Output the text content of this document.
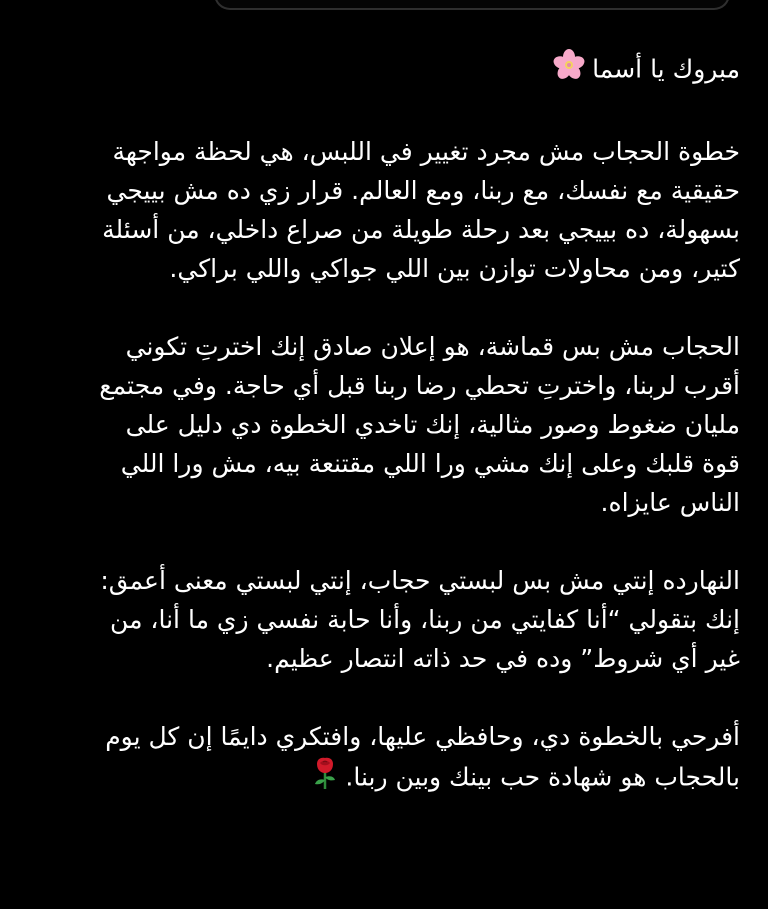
مبروك يا أسما
خطوة الحجاب مش مجرد تغيير في اللبس، هي لحظة مواجهة
حقيقية مع نفسك، مع ربنا، ومع العالم. قرار زي ده مش بييجي
بسهولة، ده بييجي بعد رحلة طويلة من صراع داخلي، من أسئلة
كتير، ومن محاولات توازن بين اللي جواكي واللي براكي.
الحجاب مش بس قماشة، هو إعلان صادق إنك اخترتِ تكوني
أقرب لربنا، واخترتِ تحطي رضا ربنا قبل أي حاجة. وفي مجتمع
مليان ضغوط وصور مثالية، إنك تاخدي الخطوة دي دليل على
قوة قلبك وعلى إنك مشي ورا اللي مقتنعة بيه، مش ورا اللي
الناس عايزاه.
النهارده إنتي مش بس لبستي حجاب، إنتي لبستي معنى أعمق:
إنك بتقولي “أنا كفايتي من ربنا، وأنا حابة نفسي زي ما أنا، من
غير أي شروط” وده في حد ذاته انتصار عظيم.
أفرحي بالخطوة دي، وحافظي عليها، وافتكري دايمًا إن كل يوم
بالحجاب هو شهادة حب بينك وبين ربنا.
